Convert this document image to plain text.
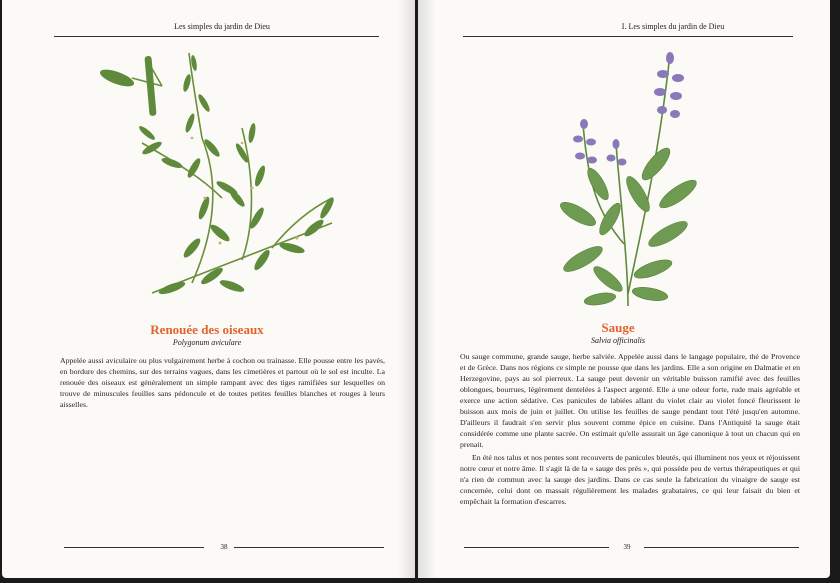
Les simples du jardin de Dieu
Renouée des oiseaux
Polygonum aviculare

Appelée aussi aviculaire ou plus vulgairement herbe à cochon ou trainasse. Elle pousse entre les pavés, en bordure des chemins, sur des terrains vagues, dans les cimetières et partout où le sol est inculte. La renouée des oiseaux est généralement un simple rampant avec des tiges ramifiées sur lesquelles on trouve de minuscules feuilles sans pédoncule et de toutes petites feuilles blanches et rouges à leurs aisselles.

38
I. Les simples du jardin de Dieu
Sauge
Salvia officinalis

Ou sauge commune, grande sauge, herbe salviée. Appelée aussi dans le langage populaire, thé de Provence et de Grèce. Dans nos régions ce simple ne pousse que dans les jardins. Elle a son origine en Dalmatie et en Herzegovine, pays au sol pierreux. La sauge peut devenir un véritable buisson ramifié avec des feuilles oblongues, bourrues, légèrement dentelées à l'aspect argenté. Elle a une odeur forte, rude mais agréable et exerce une action sédative. Ces panicules de labiées allant du violet clair au violet foncé fleurissent le buisson aux mois de juin et juillet. On utilise les feuilles de sauge pendant tout l'été jusqu'en automne. D'ailleurs il faudrait s'en servir plus souvent comme épice en cuisine. Dans l'Antiquité la sauge était considérée comme une plante sacrée. On estimait qu'elle assurait un âge canonique à tout un chacun qui en prenait.

En été nos talus et nos pentes sont recouverts de panicules bleutés, qui illuminent nos yeux et réjouissent notre cœur et notre âme. Il s'agit là de la « sauge des prés », qui possède peu de vertus thérapeutiques et qui n'a rien de commun avec la sauge des jardins. Dans ce cas seule la fabrication du vinaigre de sauge est concernée, celui dont on massait régulièrement les malades grabataires, ce qui leur faisait du bien et empêchait la formation d'escarres.

39
